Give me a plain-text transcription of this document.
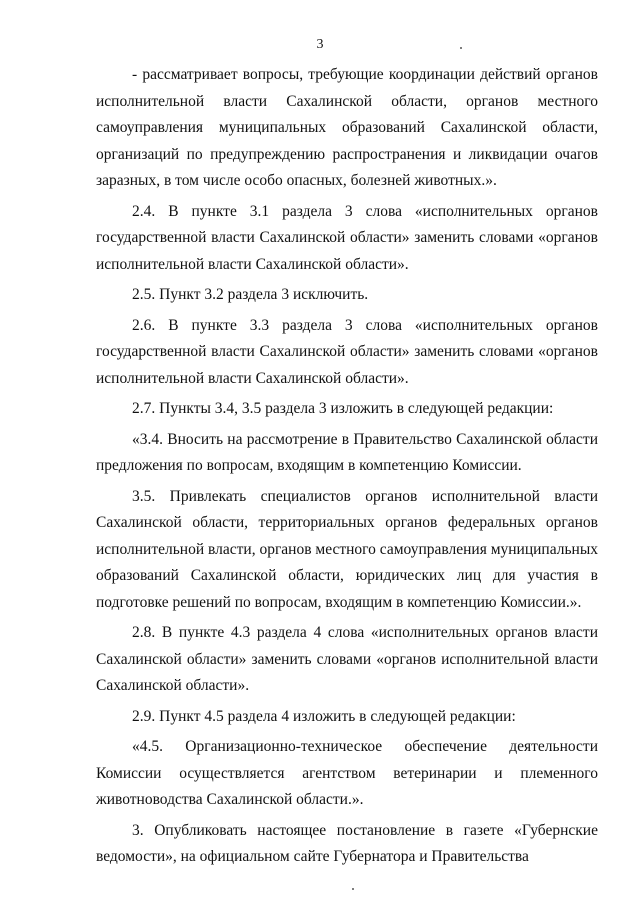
3

- рассматривает вопросы, требующие координации действий органов исполнительной власти Сахалинской области, органов местного самоуправления муниципальных образований Сахалинской области, организаций по предупреждению распространения и ликвидации очагов заразных, в том числе особо опасных, болезней животных.».

2.4. В пункте 3.1 раздела 3 слова «исполнительных органов государственной власти Сахалинской области» заменить словами «органов исполнительной власти Сахалинской области».

2.5. Пункт 3.2 раздела 3 исключить.

2.6. В пункте 3.3 раздела 3 слова «исполнительных органов государственной власти Сахалинской области» заменить словами «органов исполнительной власти Сахалинской области».

2.7. Пункты 3.4, 3.5 раздела 3 изложить в следующей редакции:

«3.4. Вносить на рассмотрение в Правительство Сахалинской области предложения по вопросам, входящим в компетенцию Комиссии.

3.5. Привлекать специалистов органов исполнительной власти Сахалинской области, территориальных органов федеральных органов исполнительной власти, органов местного самоуправления муниципальных образований Сахалинской области, юридических лиц для участия в подготовке решений по вопросам, входящим в компетенцию Комиссии.».

2.8. В пункте 4.3 раздела 4 слова «исполнительных органов власти Сахалинской области» заменить словами «органов исполнительной власти Сахалинской области».

2.9. Пункт 4.5 раздела 4 изложить в следующей редакции:

«4.5. Организационно-техническое обеспечение деятельности Комиссии осуществляется агентством ветеринарии и племенного животноводства Сахалинской области.».

3. Опубликовать настоящее постановление в газете «Губернские ведомости», на официальном сайте Губернатора и Правительства
